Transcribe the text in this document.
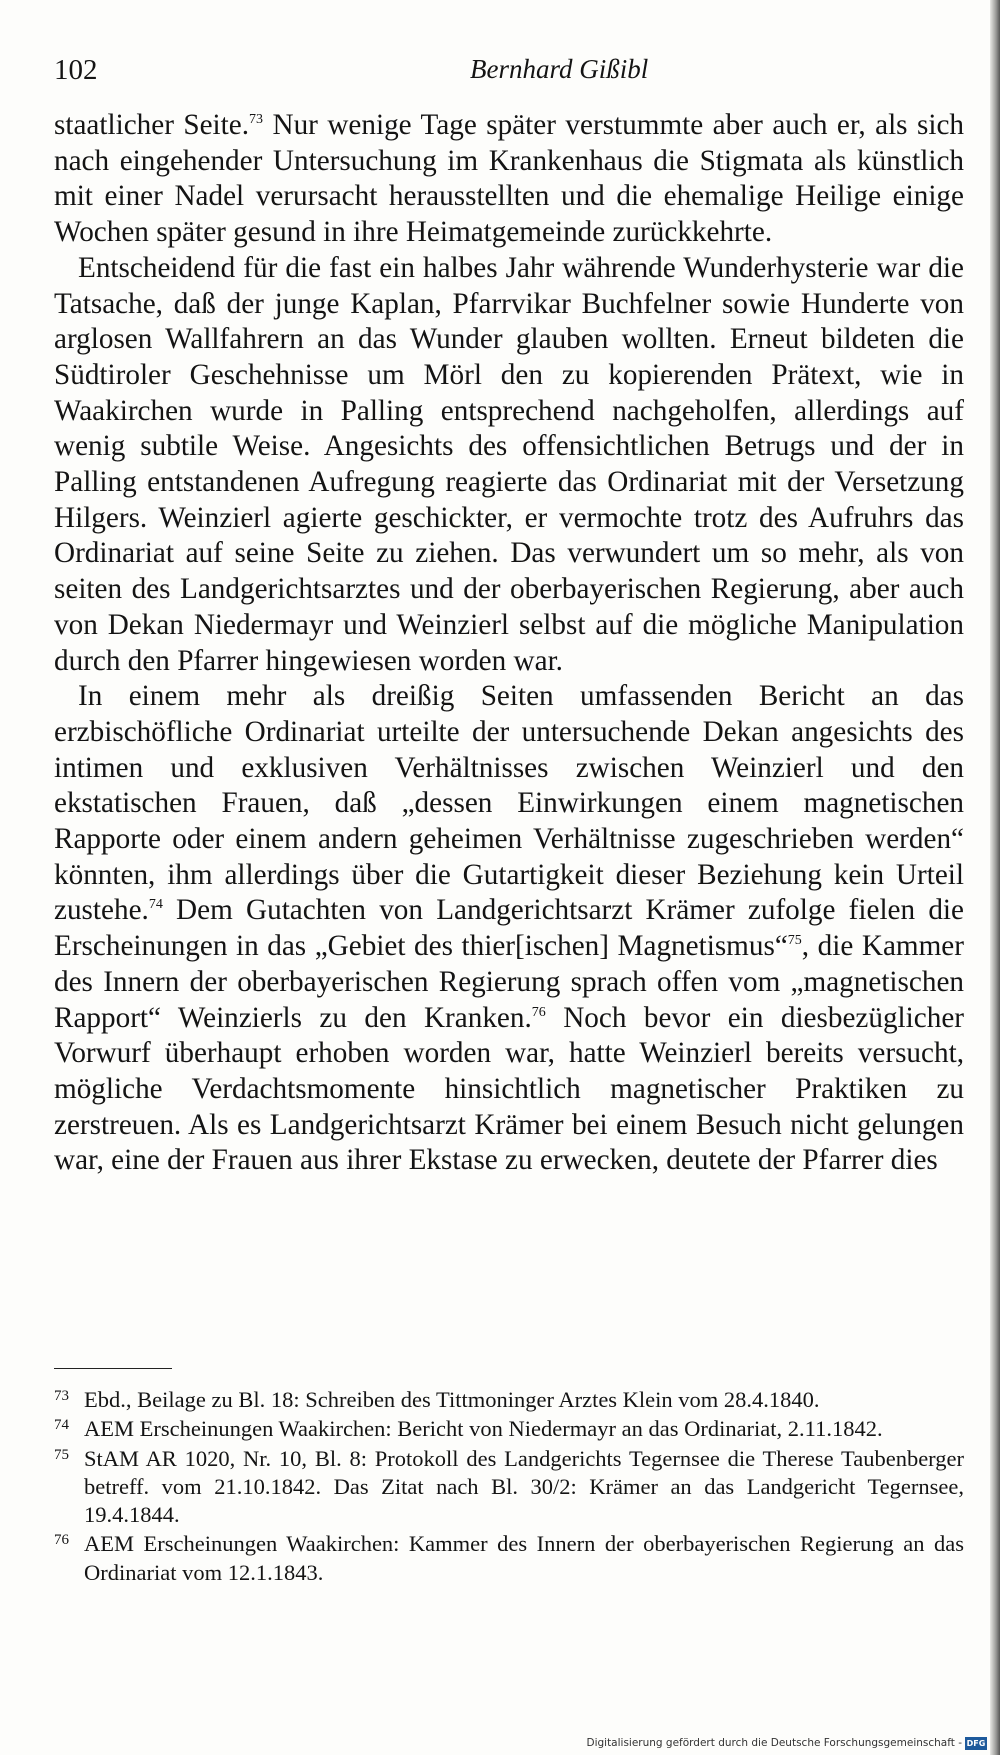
102	Bernhard Gißibl

staatlicher Seite.$^{73}$ Nur wenige Tage später verstummte aber auch er, als sich nach eingehender Untersuchung im Krankenhaus die Stigmata als künstlich mit einer Nadel verursacht herausstellten und die ehemalige Heilige einige Wochen später gesund in ihre Heimatgemeinde zurückkehrte.

Entscheidend für die fast ein halbes Jahr währende Wunderhysterie war die Tatsache, daß der junge Kaplan, Pfarrvikar Buchfelner sowie Hunderte von arglosen Wallfahrern an das Wunder glauben wollten. Erneut bildeten die Südtiroler Geschehnisse um Mörl den zu kopierenden Prätext, wie in Waakirchen wurde in Palling entsprechend nachgeholfen, allerdings auf wenig subtile Weise. Angesichts des offensichtlichen Betrugs und der in Palling entstandenen Aufregung reagierte das Ordinariat mit der Versetzung Hilgers. Weinzierl agierte geschickter, er vermochte trotz des Aufruhrs das Ordinariat auf seine Seite zu ziehen. Das verwundert um so mehr, als von seiten des Landgerichtsarztes und der oberbayerischen Regierung, aber auch von Dekan Niedermayr und Weinzierl selbst auf die mögliche Manipulation durch den Pfarrer hingewiesen worden war.

In einem mehr als dreißig Seiten umfassenden Bericht an das erzbischöfliche Ordinariat urteilte der untersuchende Dekan angesichts des intimen und exklusiven Verhältnisses zwischen Weinzierl und den ekstatischen Frauen, daß „dessen Einwirkungen einem magnetischen Rapporte oder einem andern geheimen Verhältnisse zugeschrieben werden“ könnten, ihm allerdings über die Gutartigkeit dieser Beziehung kein Urteil zustehe.$^{74}$ Dem Gutachten von Landgerichtsarzt Krämer zufolge fielen die Erscheinungen in das „Gebiet des thier[ischen] Magnetismus“$^{75}$, die Kammer des Innern der oberbayerischen Regierung sprach offen vom „magnetischen Rapport“ Weinzierls zu den Kranken.$^{76}$ Noch bevor ein diesbezüglicher Vorwurf überhaupt erhoben worden war, hatte Weinzierl bereits versucht, mögliche Verdachtsmomente hinsichtlich magnetischer Praktiken zu zerstreuen. Als es Landgerichtsarzt Krämer bei einem Besuch nicht gelungen war, eine der Frauen aus ihrer Ekstase zu erwecken, deutete der Pfarrer dies

73 Ebd., Beilage zu Bl. 18: Schreiben des Tittmoninger Arztes Klein vom 28.4.1840.
74 AEM Erscheinungen Waakirchen: Bericht von Niedermayr an das Ordinariat, 2.11.1842.
75 StAM AR 1020, Nr. 10, Bl. 8: Protokoll des Landgerichts Tegernsee die Therese Taubenberger betreff. vom 21.10.1842. Das Zitat nach Bl. 30/2: Krämer an das Landgericht Tegernsee, 19.4.1844.
76 AEM Erscheinungen Waakirchen: Kammer des Innern der oberbayerischen Regierung an das Ordinariat vom 12.1.1843.
Digitalisierung gefördert durch die Deutsche Forschungsgemeinschaft - DFG
